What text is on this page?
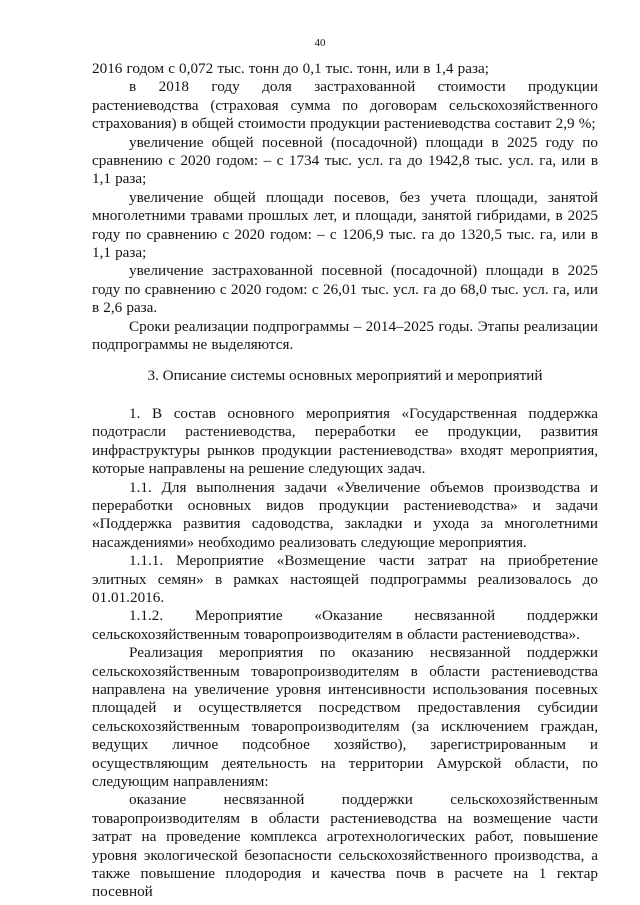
40

2016 годом с 0,072 тыс. тонн до 0,1 тыс. тонн, или в 1,4 раза;

в 2018 году доля застрахованной стоимости продукции растениеводства (страховая сумма по договорам сельскохозяйственного страхования) в общей стоимости продукции растениеводства составит 2,9 %;

увеличение общей посевной (посадочной) площади в 2025 году по сравнению с 2020 годом: – с 1734 тыс. усл. га до 1942,8 тыс. усл. га, или в 1,1 раза;

увеличение общей площади посевов, без учета площади, занятой многолетними травами прошлых лет, и площади, занятой гибридами, в 2025 году по сравнению с 2020 годом: – с 1206,9 тыс. га до 1320,5 тыс. га, или в 1,1 раза;

увеличение застрахованной посевной (посадочной) площади в 2025 году по сравнению с 2020 годом: с 26,01 тыс. усл. га до 68,0 тыс. усл. га, или в 2,6 раза.

Сроки реализации подпрограммы – 2014–2025 годы. Этапы реализации подпрограммы не выделяются.

3. Описание системы основных мероприятий и мероприятий

1. В состав основного мероприятия «Государственная поддержка подотрасли растениеводства, переработки ее продукции, развития инфраструктуры рынков продукции растениеводства» входят мероприятия, которые направлены на решение следующих задач.

1.1. Для выполнения задачи «Увеличение объемов производства и переработки основных видов продукции растениеводства» и задачи «Поддержка развития садоводства, закладки и ухода за многолетними насаждениями» необходимо реализовать следующие мероприятия.

1.1.1. Мероприятие «Возмещение части затрат на приобретение элитных семян» в рамках настоящей подпрограммы реализовалось до 01.01.2016.

1.1.2. Мероприятие «Оказание несвязанной поддержки сельскохозяйственным товаропроизводителям в области растениеводства».

Реализация мероприятия по оказанию несвязанной поддержки сельскохозяйственным товаропроизводителям в области растениеводства направлена на увеличение уровня интенсивности использования посевных площадей и осуществляется посредством предоставления субсидии сельскохозяйственным товаропроизводителям (за исключением граждан, ведущих личное подсобное хозяйство), зарегистрированным и осуществляющим деятельность на территории Амурской области, по следующим направлениям:

оказание несвязанной поддержки сельскохозяйственным товаропроизводителям в области растениеводства на возмещение части затрат на проведение комплекса агротехнологических работ, повышение уровня экологической безопасности сельскохозяйственного производства, а также повышение плодородия и качества почв в расчете на 1 гектар посевной
